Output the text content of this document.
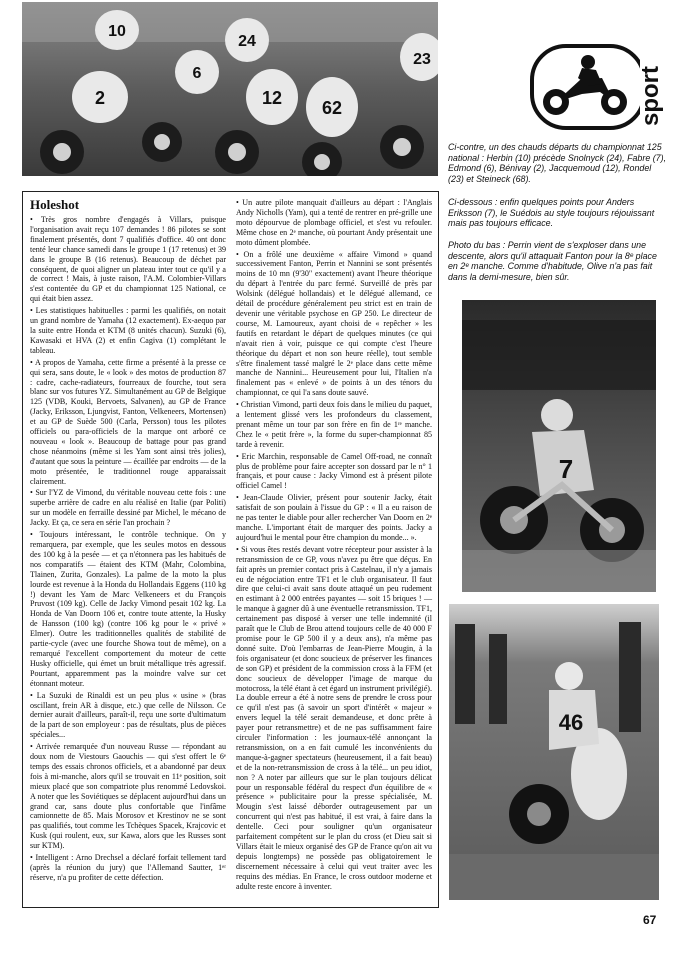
10
24
6
12 62
2
23
sport

Ci-contre, un des chauds départs du championnat 125 national : Herbin (10) précède Snolnyck (24), Fabre (7), Edmond (6), Bénivay (2), Jacquemoud (12), Rondel (23) et Steineck (68).

Ci-dessous : enfin quelques points pour Anders Eriksson (7), le Suédois au style toujours réjouissant mais pas toujours efficace.

Photo du bas : Perrin vient de s'exploser dans une descente, alors qu'il attaquait Fanton pour la 8ᵉ place en 2ᵉ manche. Comme d'habitude, Olive n'a pas fait dans la demi-mesure, bien sûr.

Holeshot

• Très gros nombre d'engagés à Villars, puisque l'organisation avait reçu 107 demandes ! 86 pilotes se sont finalement présentés, dont 7 qualifiés d'office. 40 ont donc tenté leur chance samedi dans le groupe 1 (17 retenus) et 39 dans le groupe B (16 retenus). Beaucoup de déchet par conséquent, de quoi aligner un plateau inter tout ce qu'il y a de correct ! Mais, à juste raison, l'A.M. Colombier-Villars s'est contentée du GP et du championnat 125 National, ce qui était bien assez.

• Les statistiques habituelles : parmi les qualifiés, on notait un grand nombre de Yamaha (12 exactement). Ex-aequo par la suite entre Honda et KTM (8 unités chacun). Suzuki (6), Kawasaki et HVA (2) et enfin Cagiva (1) complétant le tableau.

• A propos de Yamaha, cette firme a présenté à la presse ce qui sera, sans doute, le « look » des motos de production 87 : cadre, cache-radiateurs, fourreaux de fourche, tout sera blanc sur vos futures YZ. Simultanément au GP de Belgique 125 (VDB, Kouki, Bervoets, Salvanen), au GP de France (Jacky, Eriksson, Ljungvist, Fanton, Velkeneers, Mortensen) et au GP de Suède 500 (Carla, Persson) tous les pilotes officiels ou para-officiels de la marque ont arboré ce nouveau « look ». Beaucoup de battage pour pas grand chose néanmoins (même si les Yam sont ainsi très jolies), d'autant que sous la peinture — écaillée par endroits — de la moto présentée, le traditionnel rouge apparaissait clairement.

• Sur l'YZ de Vimond, du véritable nouveau cette fois : une superbe arrière de cadre en alu réalisé en Italie (par Politi) sur un modèle en ferraille dessiné par Michel, le mécano de Jacky. Et ça, ce sera en série l'an prochain ?

• Toujours intéressant, le contrôle technique. On y remarquera, par exemple, que les seules motos en dessous des 100 kg à la pesée — et ça n'étonnera pas les habitués de nos comparatifs — étaient des KTM (Mahr, Colombina, Tlainen, Zurita, Gonzales). La palme de la moto la plus lourde est revenue à la Honda du Hollandais Eggens (110 kg !) devant les Yam de Marc Velkeneers et du François Pruvost (109 kg). Celle de Jacky Vimond pesait 102 kg. La Honda de Van Doorn 106 et, contre toute attente, la Husky de Hansson (100 kg) (contre 106 kg pour le « privé » Elmer). Outre les traditionnelles qualités de stabilité de partie-cycle (avec une fourche Showa tout de même), on a remarqué l'excellent comportement du moteur de cette Husky officielle, qui émet un bruit métallique très agressif. Pourtant, apparemment pas la moindre valve sur cet étonnant moteur.

• La Suzuki de Rinaldi est un peu plus « usine » (bras oscillant, frein AR à disque, etc.) que celle de Nilsson. Ce dernier aurait d'ailleurs, paraît-il, reçu une sorte d'ultimatum de la part de son employeur : pas de résultats, plus de pièces spéciales...

• Arrivée remarquée d'un nouveau Russe — répondant au doux nom de Viestours Gaouchis — qui s'est offert le 6ᵉ temps des essais chronos officiels, et a abandonné par deux fois à mi-manche, alors qu'il se trouvait en 11ᵉ position, soit mieux placé que son compatriote plus renommé Ledovskoi. A noter que les Soviétiques se déplacent aujourd'hui dans un grand car, sans doute plus confortable que l'infâme camionnette de 85. Mais Morosov et Krestinov ne se sont pas qualifiés, tout comme les Tchèques Spacek, Krajcovic et Kusk (qui roulent, eux, sur Kawa, alors que les Russes sont sur KTM).

• Intelligent : Arno Drechsel a déclaré forfait tellement tard (après la réunion du jury) que l'Allemand Sautter, 1ᵉʳ réserve, n'a pu profiter de cette défection.

• Un autre pilote manquait d'ailleurs au départ : l'Anglais Andy Nicholls (Yam), qui a tenté de rentrer en pré-grille une moto dépourvue de plombage officiel, et s'est vu refouler. Même chose en 2ᵉ manche, où pourtant Andy présentait une moto dûment plombée.

• On a frôlé une deuxième « affaire Vimond » quand successivement Fanton, Perrin et Nannini se sont présentés moins de 10 mn (9'30" exactement) avant l'heure théorique du départ à l'entrée du parc fermé. Surveillé de près par Wolsink (délégué hollandais) et le délégué allemand, ce détail de procédure généralement peu strict est en train de devenir une véritable psychose en GP 250. Le directeur de course, M. Lamoureux, ayant choisi de « repêcher » les fautifs en retardant le départ de quelques minutes (ce qui n'avait rien à voir, puisque ce qui compte c'est l'heure théorique du départ et non son heure réelle), tout semble s'être finalement tassé malgré le 2ᵉ place dans cette même manche de Nannini... Heureusement pour lui, l'Italien n'a finalement pas « enlevé » de points à un des ténors du championnat, ce qui l'a sans doute sauvé.

• Christian Vimond, parti deux fois dans le milieu du paquet, a lentement glissé vers les profondeurs du classement, prenant même un tour par son frère en fin de 1ʳᵉ manche. Chez le « petit frère », la forme du super-championnat 85 tarde à revenir.

• Eric Marchin, responsable de Camel Off-road, ne connaît plus de problème pour faire accepter son dossard par le n° 1 français, et pour cause : Jacky Vimond est à présent pilote officiel Camel !

• Jean-Claude Olivier, présent pour soutenir Jacky, était satisfait de son poulain à l'issue du GP : « Il a eu raison de ne pas tenter le diable pour aller rechercher Van Doorn en 2ᵉ manche. L'important était de marquer des points. Jacky a aujourd'hui le mental pour être champion du monde... ».

• Si vous êtes restés devant votre récepteur pour assister à la retransmission de ce GP, vous n'avez pu être que déçus. En fait après un premier contact pris à Castelnau, il n'y a jamais eu de négociation entre TF1 et le club organisateur. Il faut dire que celui-ci avait sans doute attaqué un peu rudement en estimant à 2 000 entrées payantes — soit 15 briques ! — le manque à gagner dû à une éventuelle retransmission. TF1, certainement pas disposé à verser une telle indemnité (il paraît que le Club de Brou attend toujours celle de 40 000 F promise pour le GP 500 il y a deux ans), n'a même pas donné suite. D'où l'embarras de Jean-Pierre Mougin, à la fois organisateur (et donc soucieux de préserver les finances de son GP) et président de la commission cross à la FFM (et donc soucieux de développer l'image de marque du motocross, la télé étant à cet égard un instrument privilégié). La double erreur a été à notre sens de prendre le cross pour ce qu'il n'est pas (à savoir un sport d'intérêt « majeur » envers lequel la télé serait demandeuse, et donc prête à payer pour retransmettre) et de ne pas suffisamment faire circuler l'information : les journaux-télé annonçant la retransmission, on a en fait cumulé les inconvénients du manque-à-gagner spectateurs (heureusement, il a fait beau) et de la non-retransmission de cross à la télé... un peu idiot, non ? A noter par ailleurs que sur le plan toujours délicat pour un responsable fédéral du respect d'un équilibre de « présence » publicitaire pour la presse spécialisée, M. Mougin s'est laissé déborder outrageusement par un concurrent qui n'est pas habitué, il est vrai, à faire dans la dentelle. Ceci pour souligner qu'un organisateur parfaitement compétent sur le plan du cross (et Dieu sait si Villars était le mieux organisé des GP de France qu'on ait vu depuis longtemps) ne possède pas obligatoirement le discernement nécessaire à celui qui veut traiter avec les requins des médias. En France, le cross outdoor moderne et adulte reste encore à inventer.

7
46
67
